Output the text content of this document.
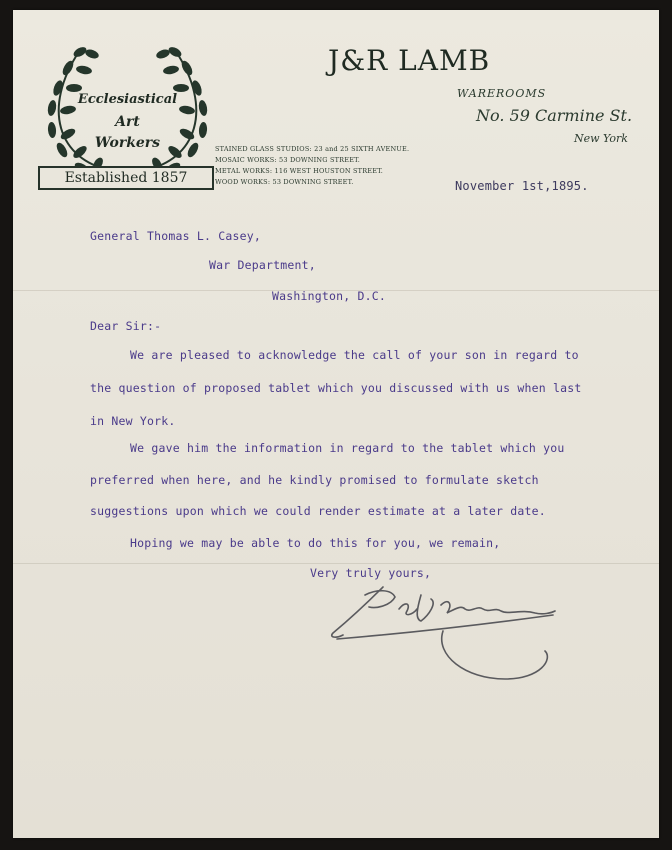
Ecclesiastical
Art
Workers
Established 1857
STAINED GLASS STUDIOS: 23 and 25 SIXTH AVENUE.
MOSAIC WORKS: 53 DOWNING STREET.
METAL WORKS: 116 WEST HOUSTON STREET.
WOOD WORKS: 53 DOWNING STREET.
J&R LAMB
WAREROOMS
No. 59 Carmine St.
New York
November 1st,1895.
General Thomas L. Casey,
War Department,
Washington, D.C.
Dear Sir:-
We are pleased to acknowledge the call of your son in regard to
the question of proposed tablet which you discussed with us when last
in New York.
We gave him the information in regard to the tablet which you
preferred when here, and he kindly promised to formulate sketch
suggestions upon which we could render estimate at a later date.
Hoping we may be able to do this for you, we remain,
Very truly yours,
